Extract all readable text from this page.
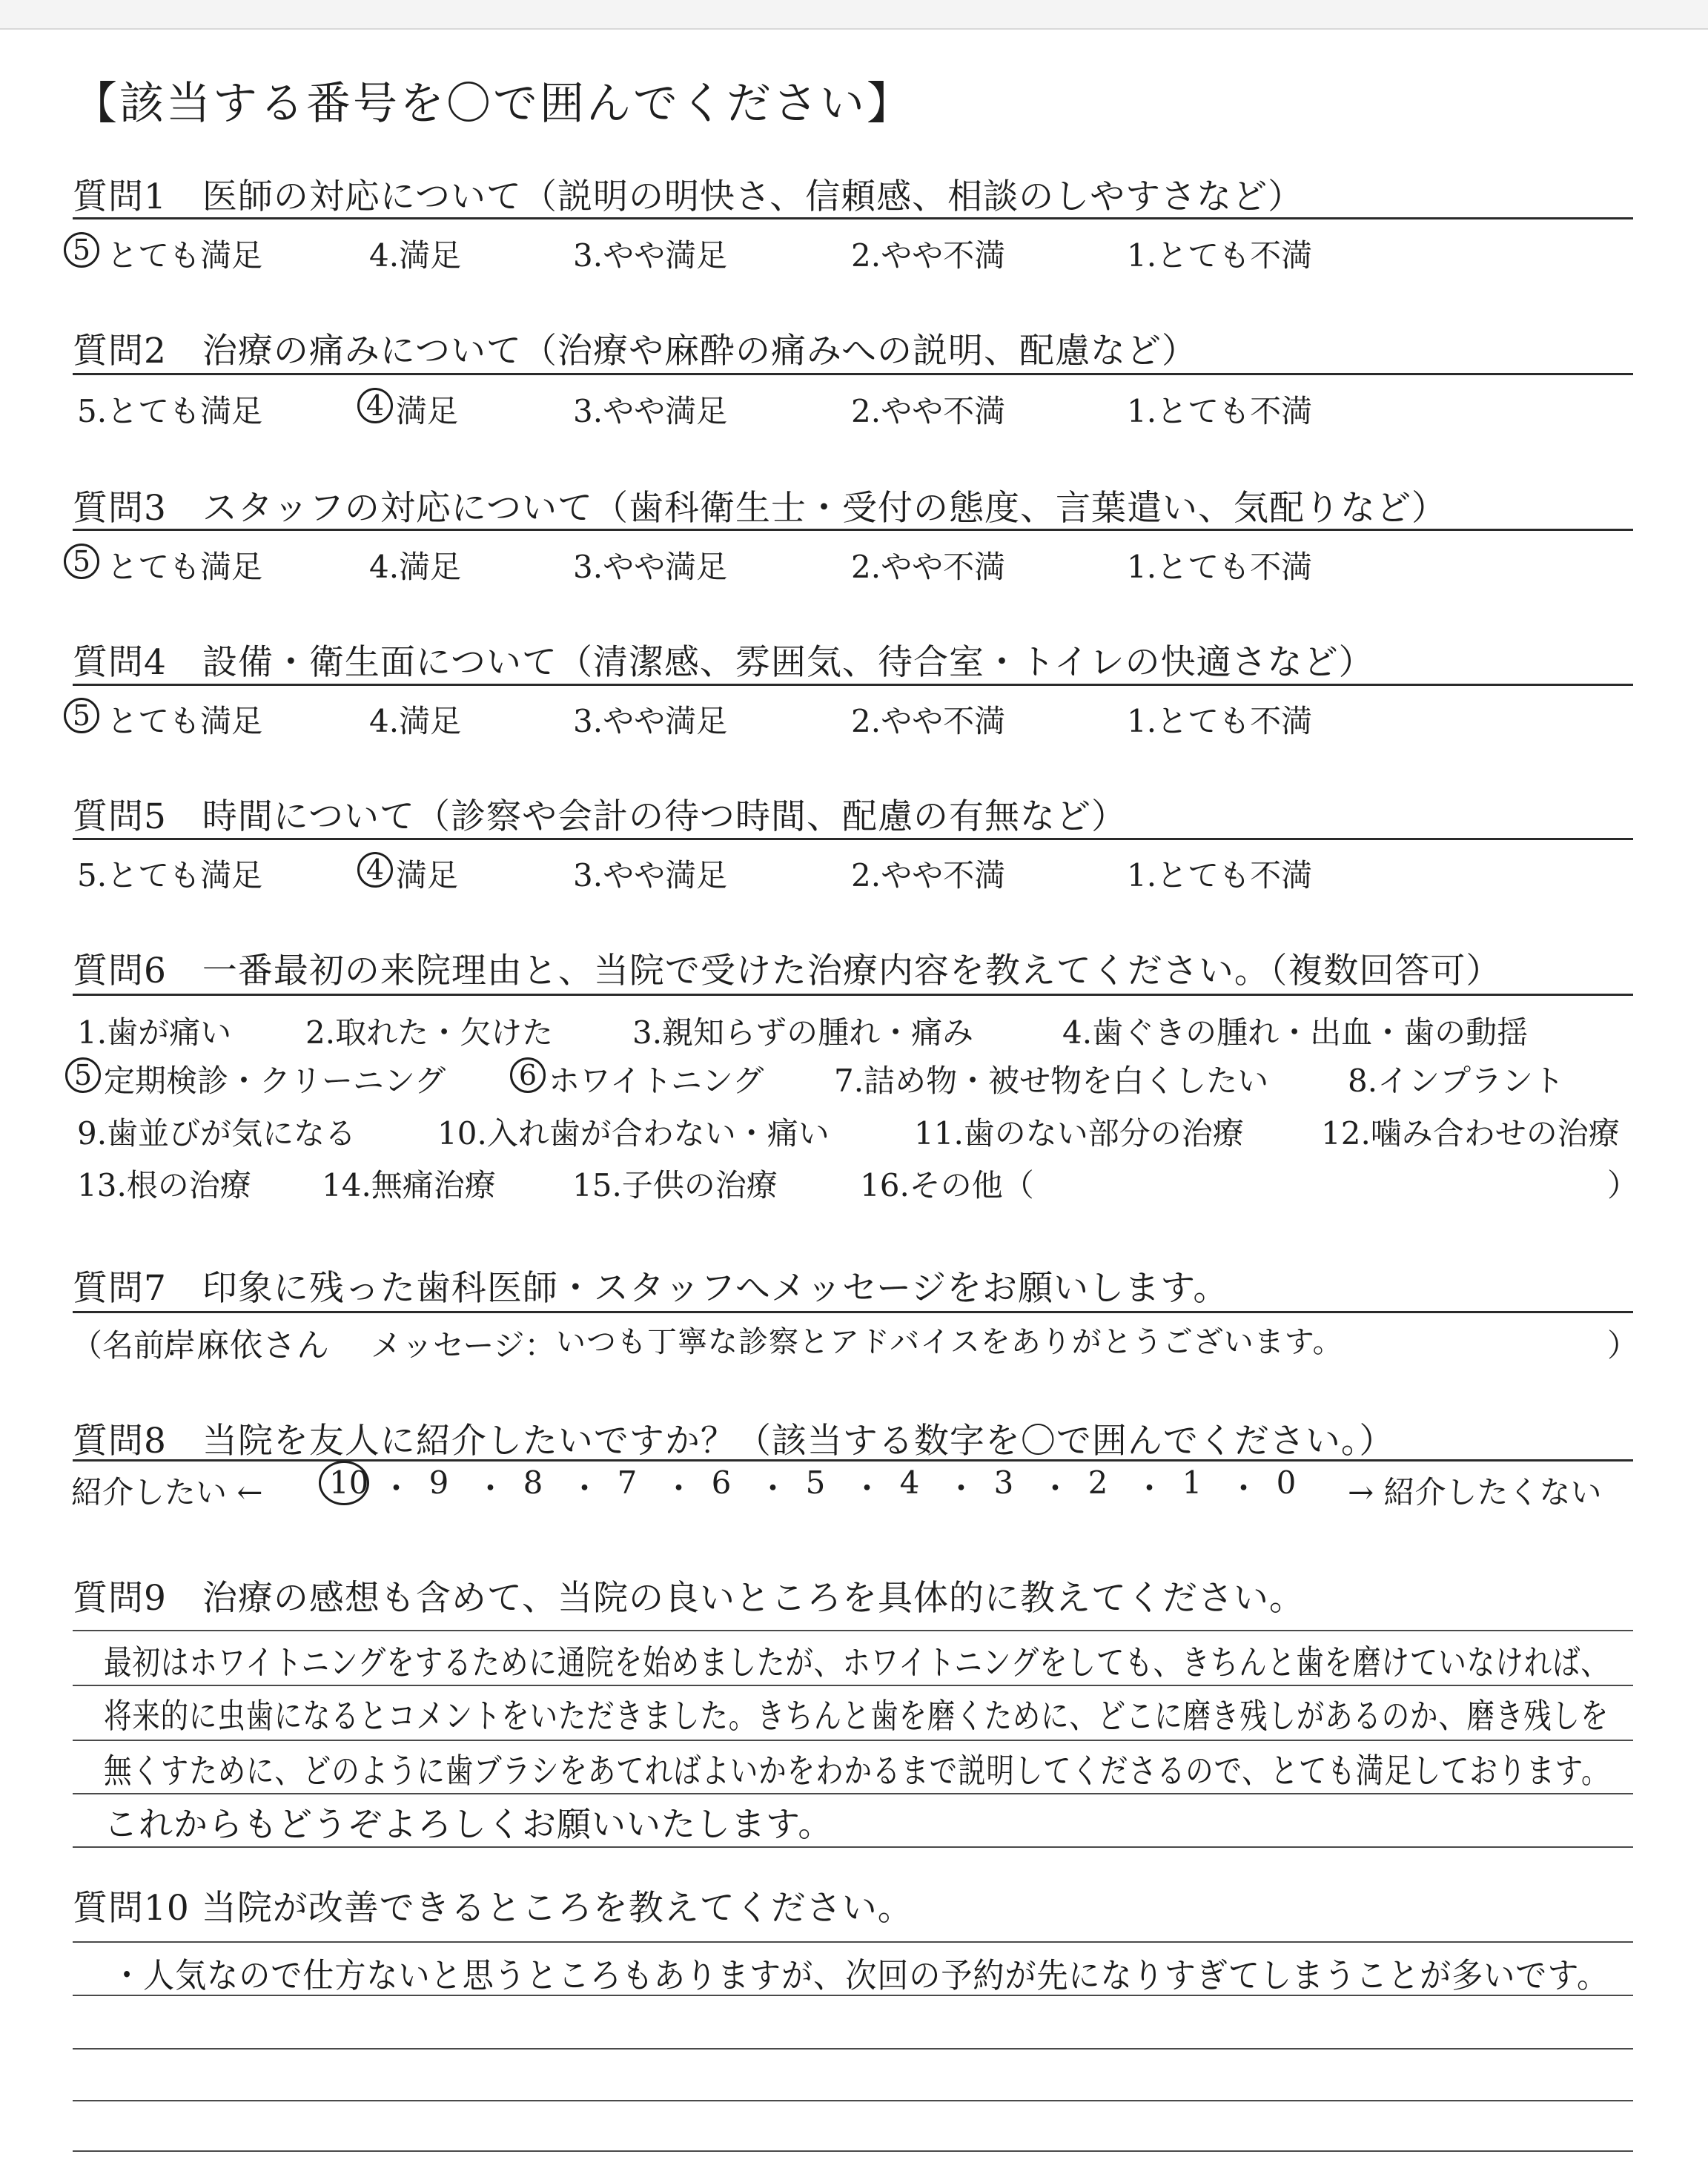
【該当する番号を〇で囲んでください】
質問1　医師の対応について（説明の明快さ、信頼感、相談のしやすさなど）
5 とても満足	4.満足	3.やや満足	2.やや不満	1.とても不満
質問2　治療の痛みについて（治療や麻酔の痛みへの説明、配慮など）
5.とても満足	4 満足	3.やや満足	2.やや不満	1.とても不満
質問3　スタッフの対応について（歯科衛生士・受付の態度、言葉遣い、気配りなど）
5 とても満足	4.満足	3.やや満足	2.やや不満	1.とても不満
質問4　設備・衛生面について（清潔感、雰囲気、待合室・トイレの快適さなど）
5 とても満足	4.満足	3.やや満足	2.やや不満	1.とても不満
質問5　時間について（診察や会計の待つ時間、配慮の有無など）
5.とても満足	4 満足	3.やや満足	2.やや不満	1.とても不満
質問6　一番最初の来院理由と、当院で受けた治療内容を教えてください。（複数回答可）
1.歯が痛い 2.取れた・欠けた	3.親知らずの腫れ・痛み	4.歯ぐきの腫れ・出血・歯の動揺
5 定期検診・クリーニング	6 ホワイトニング 7.詰め物・被せ物を白くしたい	8.インプラント
9.歯並びが気になる	10.入れ歯が合わない・痛い	11.歯のない部分の治療 12.噛み合わせの治療
13.根の治療 14.無痛治療 15.子供の治療	16.その他（	）
質問7　印象に残った歯科医師・スタッフへメッセージをお願いします。
（名前：
岸麻依さん メッセージ： いつも丁寧な診察とアドバイスをありがとうございます。	）
質問8　当院を友人に紹介したいですか？（該当する数字を〇で囲んでください。）
紹介したい ← 10 ・ 9 ・ 8 ・ 7 ・ 6 ・ 5 ・ 4 ・ 3 ・ 2 ・ 1 ・ 0 → 紹介したくない
質問9　治療の感想も含めて、当院の良いところを具体的に教えてください。
最初はホワイトニングをするために通院を始めましたが、ホワイトニングをしても、きちんと歯を磨けていなければ、
将来的に虫歯になるとコメントをいただきました。きちんと歯を磨くために、どこに磨き残しがあるのか、磨き残しを
無くすために、どのように歯ブラシをあてればよいかをわかるまで説明してくださるので、とても満足しております。
これからもどうぞよろしくお願いいたします。
質問10 当院が改善できるところを教えてください。
・人気なので仕方ないと思うところもありますが、次回の予約が先になりすぎてしまうことが多いです。
